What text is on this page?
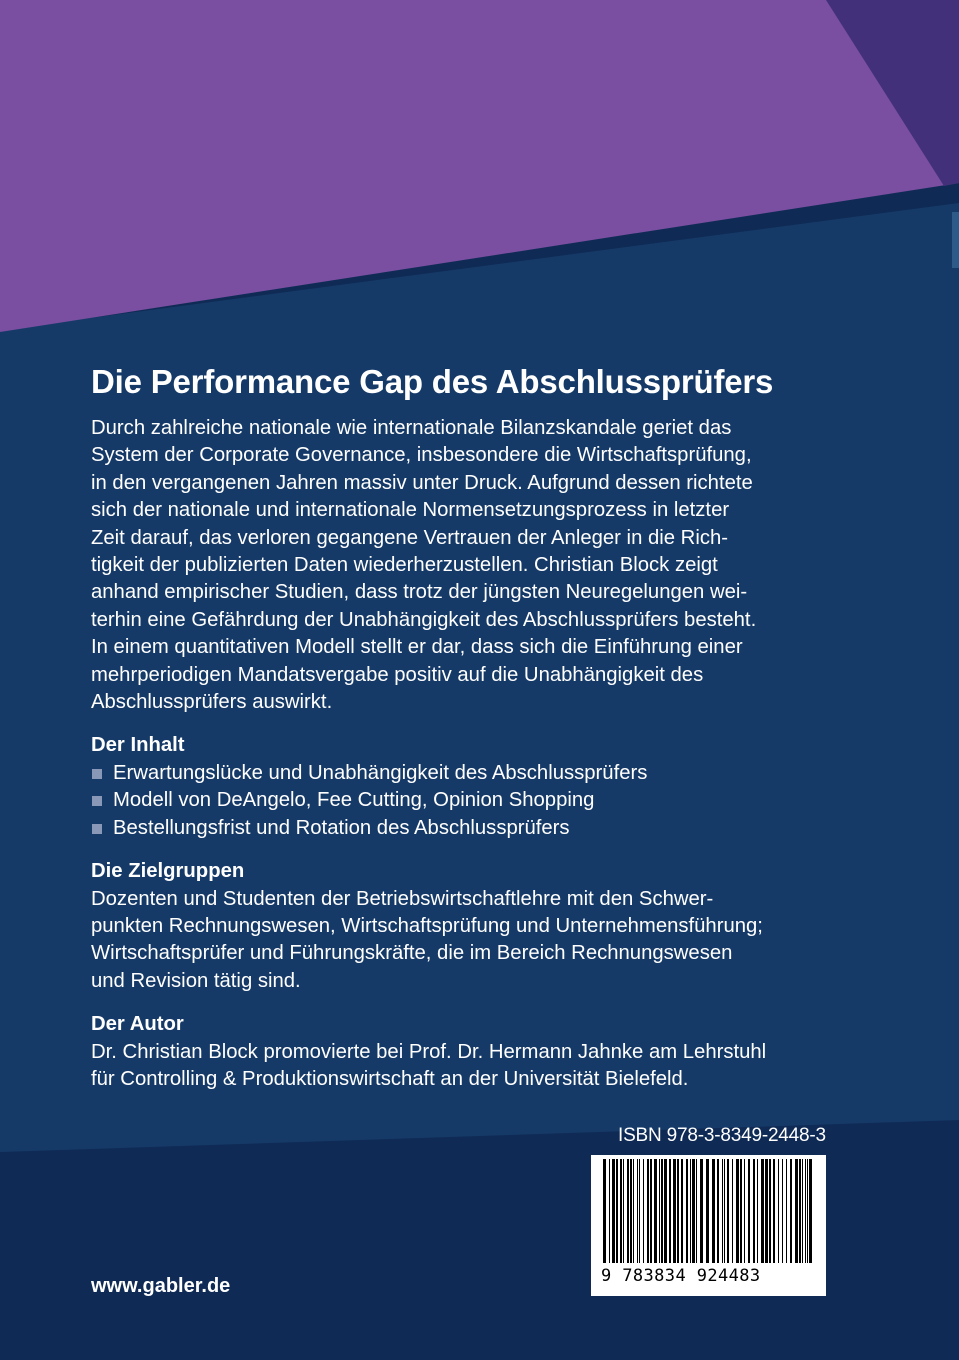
Die Performance Gap des Abschlussprüfers

Durch zahlreiche nationale wie internationale Bilanzskandale geriet das
System der Corporate Governance, insbesondere die Wirtschaftsprüfung,
in den vergangenen Jahren massiv unter Druck. Aufgrund dessen richtete
sich der nationale und internationale Normensetzungsprozess in letzter
Zeit darauf, das verloren gegangene Vertrauen der Anleger in die Rich-
tigkeit der publizierten Daten wiederherzustellen. Christian Block zeigt
anhand empirischer Studien, dass trotz der jüngsten Neuregelungen wei-
terhin eine Gefährdung der Unabhängigkeit des Abschlussprüfers besteht.
In einem quantitativen Modell stellt er dar, dass sich die Einführung einer
mehrperiodigen Mandatsvergabe positiv auf die Unabhängigkeit des
Abschlussprüfers auswirkt.

Der Inhalt
Erwartungslücke und Unabhängigkeit des Abschlussprüfers
Modell von DeAngelo, Fee Cutting, Opinion Shopping
Bestellungsfrist und Rotation des Abschlussprüfers
Die Zielgruppen

Dozenten und Studenten der Betriebswirtschaftlehre mit den Schwer-
punkten Rechnungswesen, Wirtschaftsprüfung und Unternehmensführung;
Wirtschaftsprüfer und Führungskräfte, die im Bereich Rechnungswesen
und Revision tätig sind.

Der Autor

Dr. Christian Block promovierte bei Prof. Dr. Hermann Jahnke am Lehrstuhl
für Controlling & Produktionswirtschaft an der Universität Bielefeld.

ISBN 978-3-8349-2448-3
9 783834 924483
www.gabler.de
